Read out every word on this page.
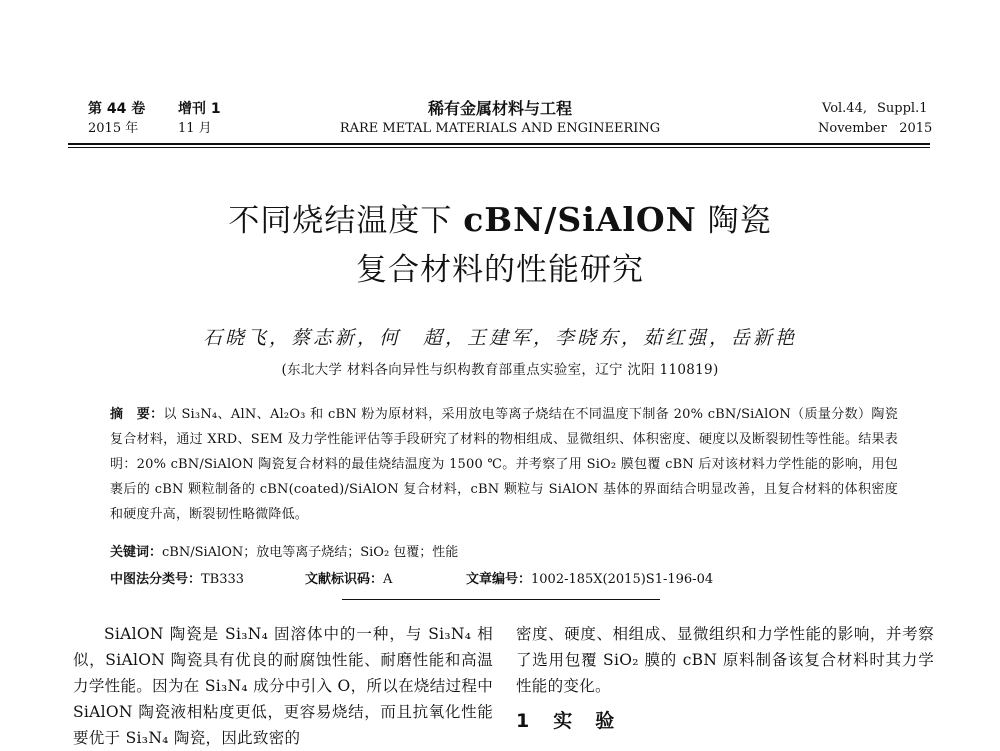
第 44 卷 增刊 1
2015 年	11 月
稀有金属材料与工程
RARE METAL MATERIALS AND ENGINEERING
Vol.44, Suppl.1
November   2015
不同烧结温度下 cBN/SiAlON 陶瓷
复合材料的性能研究
石晓飞，蔡志新，何　超，王建军，李晓东，茹红强，岳新艳
(东北大学 材料各向异性与织构教育部重点实验室，辽宁 沈阳 110819)
摘　要：以 Si₃N₄、AlN、Al₂O₃ 和 cBN 粉为原材料，采用放电等离子烧结在不同温度下制备 20% cBN/SiAlON（质量分数）陶瓷复合材料，通过 XRD、SEM 及力学性能评估等手段研究了材料的物相组成、显微组织、体积密度、硬度以及断裂韧性等性能。结果表明：20% cBN/SiAlON 陶瓷复合材料的最佳烧结温度为 1500 ℃。并考察了用 SiO₂ 膜包覆 cBN 后对该材料力学性能的影响，用包裹后的 cBN 颗粒制备的 cBN(coated)/SiAlON 复合材料，cBN 颗粒与 SiAlON 基体的界面结合明显改善，且复合材料的体积密度和硬度升高，断裂韧性略微降低。
关键词：cBN/SiAlON；放电等离子烧结；SiO₂ 包覆；性能
中图法分类号：TB333	文献标识码：A	文章编号：1002-185X(2015)S1-196-04
SiAlON 陶瓷是 Si₃N₄ 固溶体中的一种，与 Si₃N₄ 相似，SiAlON 陶瓷具有优良的耐腐蚀性能、耐磨性能和高温力学性能。因为在 Si₃N₄ 成分中引入 O，所以在烧结过程中 SiAlON 陶瓷液相粘度更低，更容易烧结，而且抗氧化性能要优于 Si₃N₄ 陶瓷，因此致密的
密度、硬度、相组成、显微组织和力学性能的影响，并考察了选用包覆 SiO₂ 膜的 cBN 原料制备该复合材料时其力学性能的变化。
1 实　验
